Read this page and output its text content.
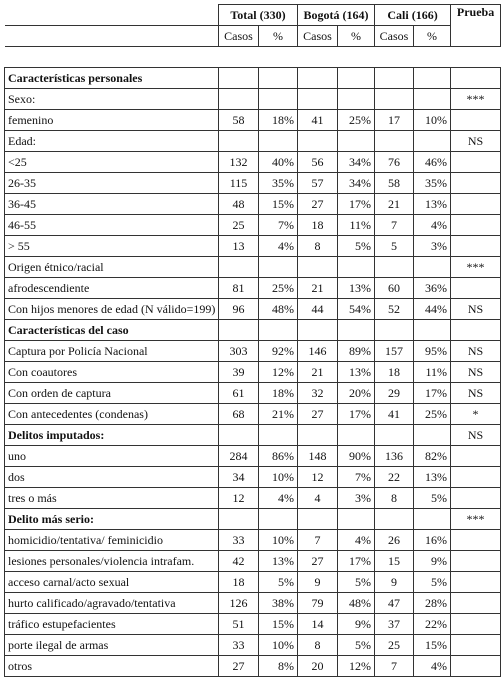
	Total (330)		Bogotá (164)		Cali (166)		Prueba
	Casos	%	Casos	%	Casos	%	

Características personales							
Sexo:							***
femenino	58	18%	41	25%	17	10%	
Edad:							NS
<25	132	40%	56	34%	76	46%	
26-35	115	35%	57	34%	58	35%	
36-45	48	15%	27	17%	21	13%	
46-55	25	7%	18	11%	7	4%	
> 55	13	4%	8	5%	5	3%	
Origen étnico/racial							***
afrodescendiente	81	25%	21	13%	60	36%	
Con hijos menores de edad (N válido=199)	96	48%	44	54%	52	44%	NS
Características del caso							
Captura por Policía Nacional	303	92%	146	89%	157	95%	NS
Con coautores	39	12%	21	13%	18	11%	NS
Con orden de captura	61	18%	32	20%	29	17%	NS
Con antecedentes (condenas)	68	21%	27	17%	41	25%	*
Delitos imputados:							NS
uno	284	86%	148	90%	136	82%	
dos	34	10%	12	7%	22	13%	
tres o más	12	4%	4	3%	8	5%	
Delito más serio:							***
homicidio/tentativa/ feminicidio	33	10%	7	4%	26	16%	
lesiones personales/violencia intrafam.	42	13%	27	17%	15	9%	
acceso carnal/acto sexual	18	5%	9	5%	9	5%	
hurto calificado/agravado/tentativa	126	38%	79	48%	47	28%	
tráfico estupefacientes	51	15%	14	9%	37	22%	
porte ilegal de armas	33	10%	8	5%	25	15%	
otros	27	8%	20	12%	7	4%	
